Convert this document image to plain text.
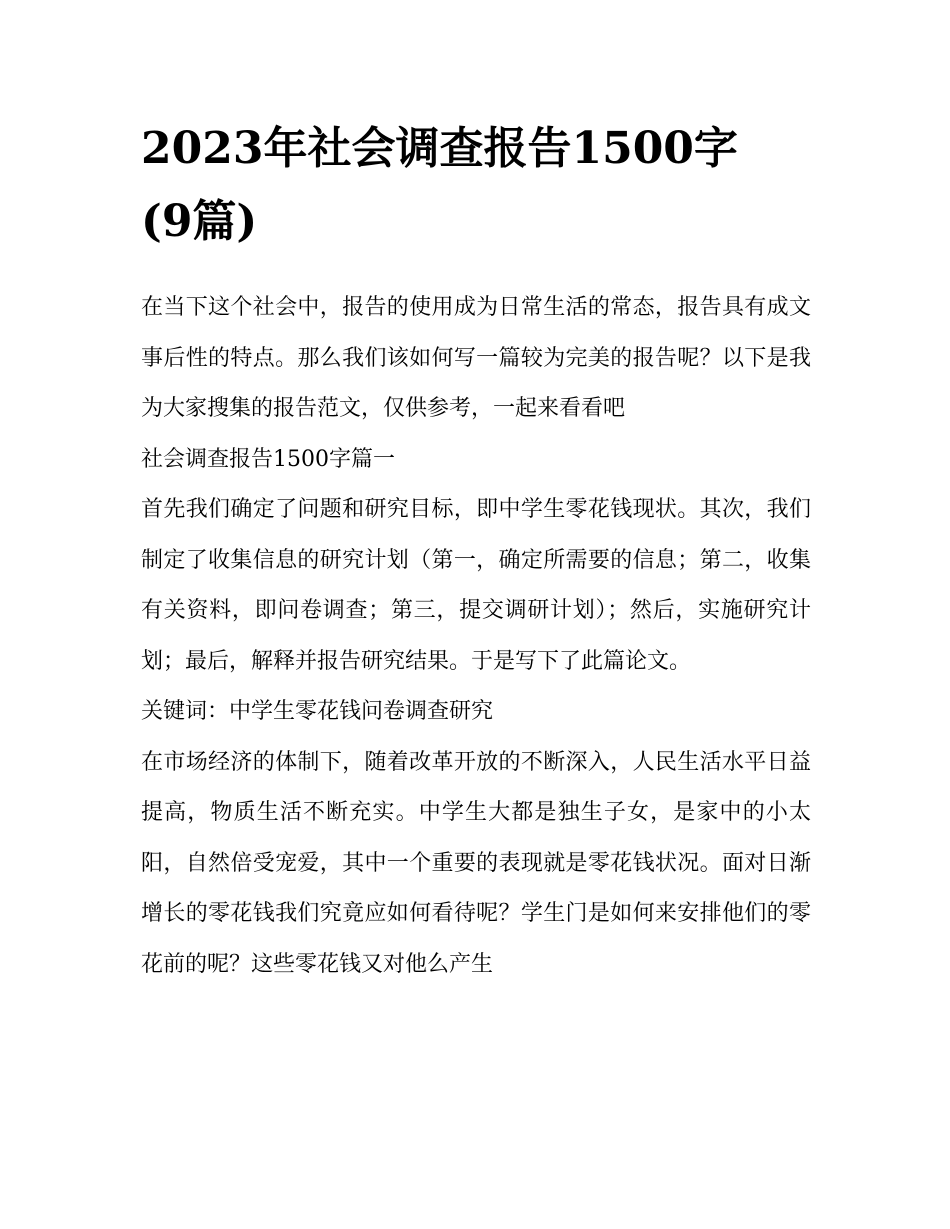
2023年社会调查报告1500字
(9篇)

在当下这个社会中，报告的使用成为日常生活的常态，报告具有成文事后性的特点。那么我们该如何写一篇较为完美的报告呢？以下是我为大家搜集的报告范文，仅供参考，一起来看看吧

社会调查报告1500字篇一

首先我们确定了问题和研究目标，即中学生零花钱现状。其次，我们制定了收集信息的研究计划（第一，确定所需要的信息；第二，收集有关资料，即问卷调查；第三，提交调研计划）；然后，实施研究计划；最后，解释并报告研究结果。于是写下了此篇论文。

关键词：中学生零花钱问卷调查研究

在市场经济的体制下，随着改革开放的不断深入，人民生活水平日益提高，物质生活不断充实。中学生大都是独生子女，是家中的小太阳，自然倍受宠爱，其中一个重要的表现就是零花钱状况。面对日渐增长的零花钱我们究竟应如何看待呢？学生门是如何来安排他们的零花前的呢？这些零花钱又对他么产生
